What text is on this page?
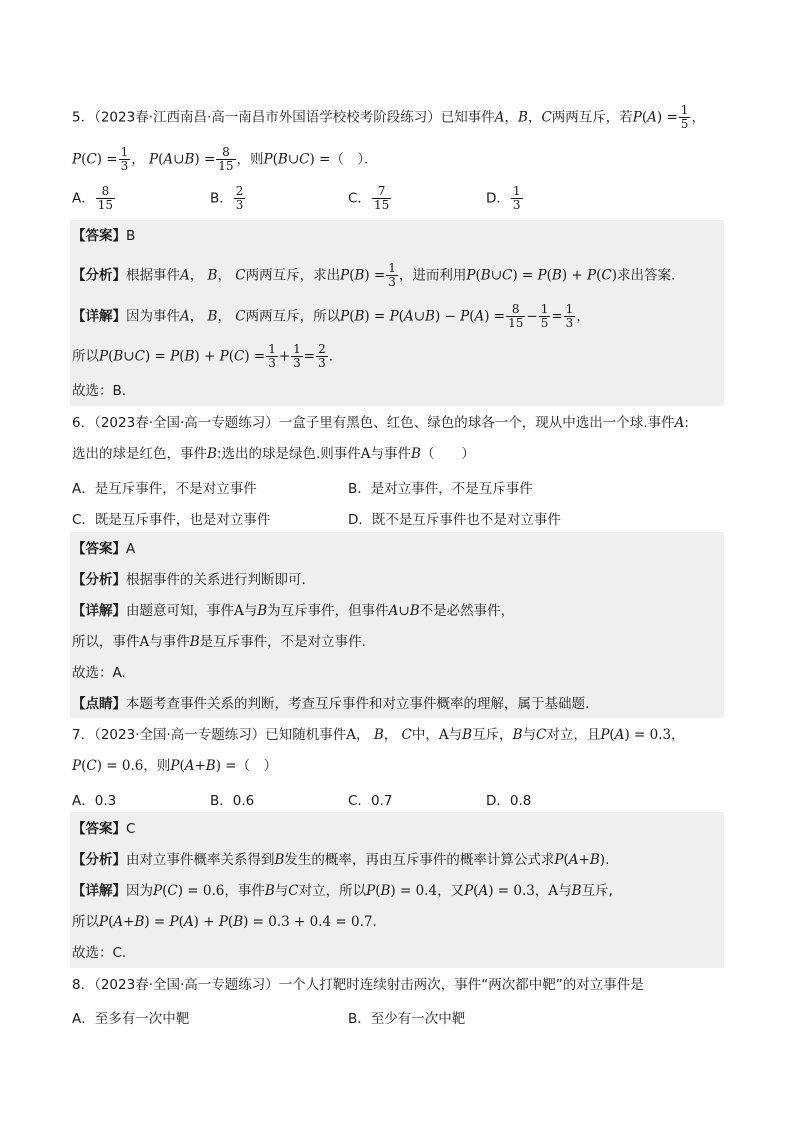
5．（2023春·江西南昌·高一南昌市外国语学校校考阶段练习）已知事件A，B，C两两互斥，若$P(A) = \frac{1}{5}$ ，
$P(C) = \frac{1}{3}$ ， P(A∪B) = $\frac{8}{15}$ ，则P(B∪C) =（　）．
A． $\frac{8}{15}$	B． $\frac{2}{3}$	C． $\frac{7}{15}$	D． $\frac{1}{3}$
【答案】B
【分析】根据事件A， B， C两两互斥，求出$P(B) = \frac{1}{3}$ ，进而利用P(B∪C) = P(B) + P(C)求出答案.
【详解】因为事件A， B， C两两互斥，所以P(B) = P(A∪B) − $P(A) = \frac{8}{15} - \frac{1}{5} = \frac{1}{3}$ ，
所以P(B∪C) = $P(B) + P(C) = \frac{1}{3} + \frac{1}{3} = \frac{2}{3}$ .
故选：B．
6．（2023春·全国·高一专题练习）一盒子里有黑色、红色、绿色的球各一个，现从中选出一个球.事件A:
选出的球是红色，事件B:选出的球是绿色.则事件A与事件B（　　）
A．是互斥事件，不是对立事件	B．是对立事件，不是互斥事件
C．既是互斥事件，也是对立事件	D．既不是互斥事件也不是对立事件
【答案】A
【分析】根据事件的关系进行判断即可.
【详解】由题意可知，事件A与B为互斥事件，但事件A∪B不是必然事件，
所以，事件A与事件B是互斥事件，不是对立事件.
故选：A.
【点睛】本题考查事件关系的判断，考查互斥事件和对立事件概率的理解，属于基础题.
7．（2023·全国·高一专题练习）已知随机事件A， B， C中，A与B互斥，B与C对立，且P(A) = 0.3，
P(C) = 0.6，则P(A+B) =（　）
A．0.3	B．0.6	C．0.7	D．0.8
【答案】C
【分析】由对立事件概率关系得到B发生的概率，再由互斥事件的概率计算公式求P(A+B).
【详解】因为P(C) = 0.6，事件B与C对立，所以P(B) = 0.4，又P(A) = 0.3，A与B互斥,
所以P(A+B) = P(A) + P(B) = 0.3 + 0.4 = 0.7.
故选：C.
8．（2023春·全国·高一专题练习）一个人打靶时连续射击两次，事件“两次都中靶”的对立事件是
A．至多有一次中靶	B．至少有一次中靶
